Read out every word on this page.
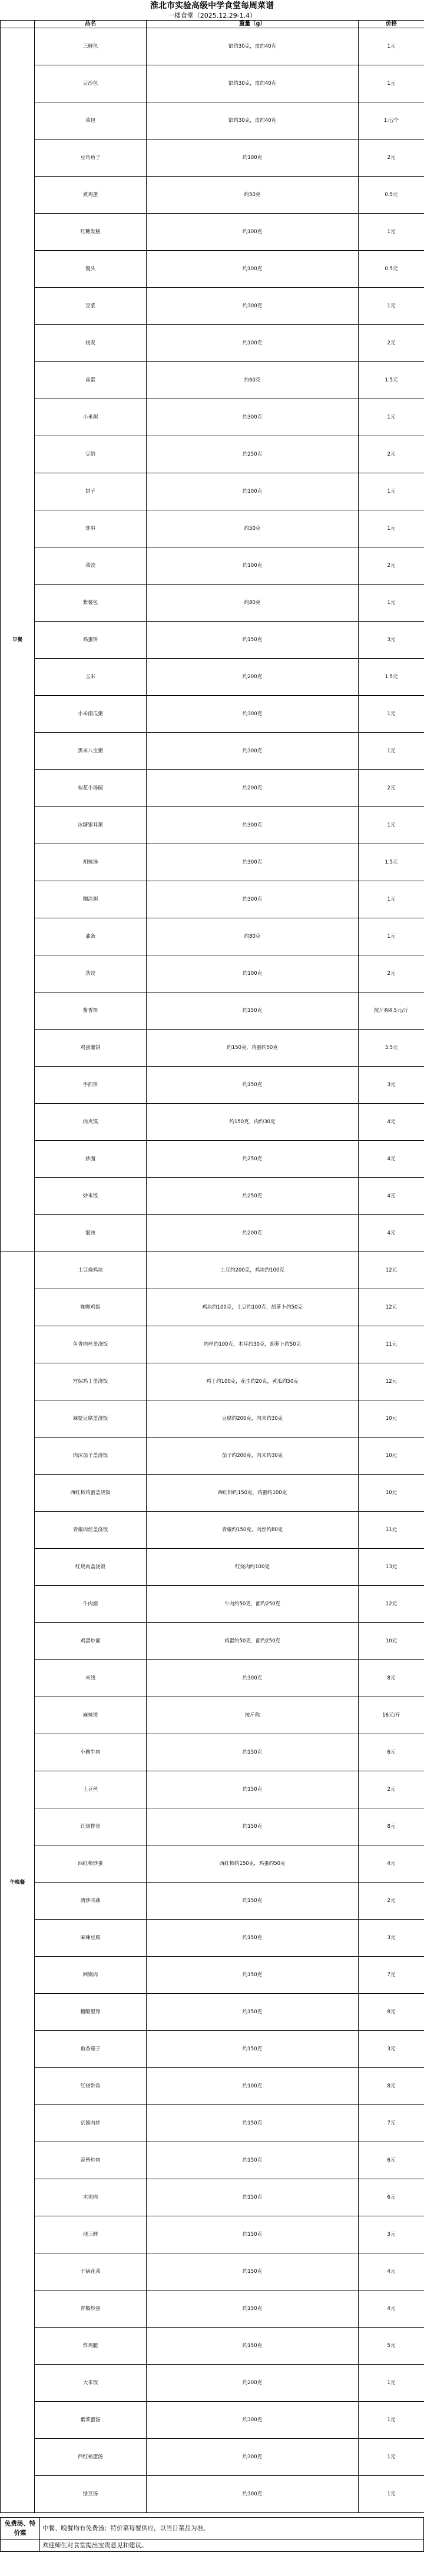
淮北市实验高级中学食堂每周菜谱
一楼食堂（2025.12.29-1.4）
	品名	重量（g）	价格
早餐	三鲜包	馅约30克，皮约40克	1元
	豆沙包	馅约30克，皮约40克	1元
	菜包	馅约30克，皮约40克	1元/个
	豆角鱼子	约100克	2元
	煮鸡蛋	约50克	0.5元
	红糖发糕	约100克	1元
	馒头	约100克	0.5元
	豆浆	约300克	1元
	烧麦	约100克	2元
	卤蛋	约60克	1.5元
	小米粥	约300克	1元
	豆奶	约250克	2元
	饼子	约100克	1元
	炸串	约50克	1元
	菜饺	约100克	2元
	紫薯包	约80克	1元
	鸡蛋饼	约150克	3元
	玉米	约200克	1.5元
	小米南瓜粥	约300克	1元
	黑米八宝粥	约300克	1元
	桂花小汤圆	约200克	2元
	冰糖银耳粥	约300克	1元
	胡辣汤	约300克	1.5元
	糊涂粥	约300克	1元
	油条	约80克	1元
	蒸饺	约100克	2元
	酱香饼	约150克	按斤称4.5元/斤
	鸡蛋灌饼	约150克，鸡蛋约50克	3.5元
	手抓饼	约150克	3元
	肉夹馍	约150克，肉约30克	4元
	炒面	约250克	4元
	炒米饭	约250克	4元
	馄饨	约200克	4元
午晚餐	土豆烧鸡块	土豆约200克，鸡块约100克	12元
	咖喱鸡饭	鸡块约100克，土豆约100克，胡萝卜约50克	12元
	鱼香肉丝盖浇饭	肉丝约100克，木耳约30克，胡萝卜约50克	11元
	宫保鸡丁盖浇饭	鸡丁约100克，花生约20克，黄瓜约50克	12元
	麻婆豆腐盖浇饭	豆腐约200克，肉末约30克	10元
	肉沫茄子盖浇饭	茄子约200克，肉末约30克	10元
	西红柿鸡蛋盖浇饭	西红柿约150克，鸡蛋约100克	10元
	青椒肉丝盖浇饭	青椒约150克，肉丝约80克	11元
	红烧肉盖浇饭	红烧肉约100克	13元
	牛肉面	牛肉约50克，面约250克	12元
	鸡蛋炒面	鸡蛋约50克，面约250克	10元
	米线	约300克	8元
	麻辣烫	按斤称	16元/斤
	小碗牛肉	约150克	6元
	土豆丝	约150克	2元
	红烧排骨	约150克	8元
	西红柿炒蛋	西红柿约150克，鸡蛋约50克	4元
	清炒时蔬	约150克	2元
	麻辣豆腐	约150克	3元
	回锅肉	约150克	7元
	糖醋里脊	约150克	8元
	鱼香茄子	约150克	3元
	红烧带鱼	约100克	8元
	京酱肉丝	约150克	7元
	蒜苔炒肉	约150克	6元
	木须肉	约150克	6元
	地三鲜	约150克	3元
	干锅花菜	约150克	4元
	青椒炒蛋	约150克	4元
	炸鸡腿	约150克	5元
	大米饭	约200克	1元
	紫菜蛋汤	约300克	1元
	西红柿蛋汤	约300克	1元
	绿豆汤	约300克	1元
免费汤、特价菜	中餐、晚餐均有免费汤；特价菜每餐供应，以当日菜品为准。
	欢迎师生对食堂提出宝贵意见和建议。
